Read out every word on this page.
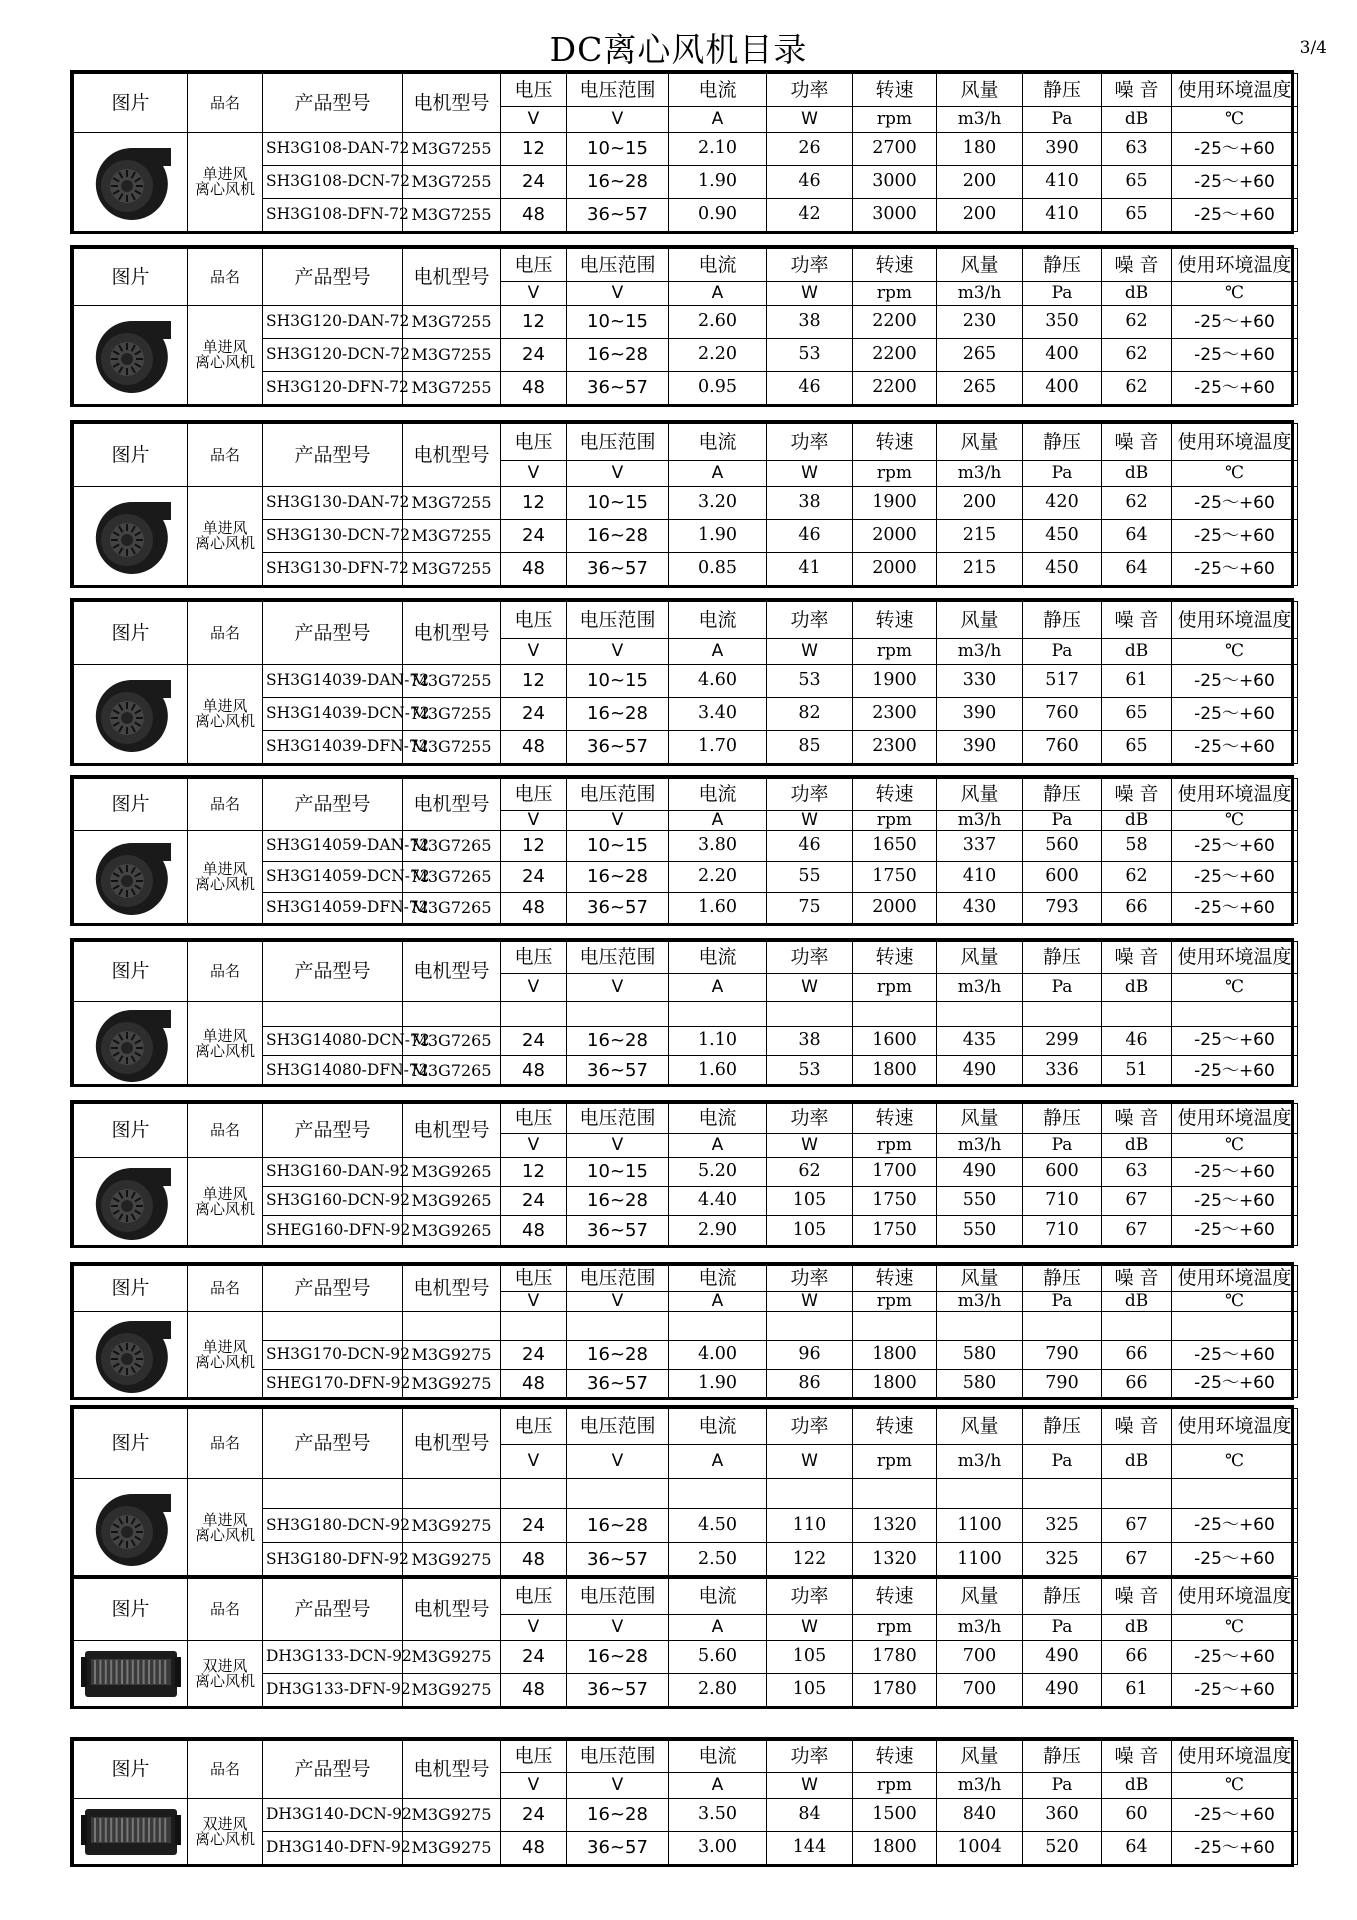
DC离心风机目录	3/4
图片	品名	产品型号	电机型号	电压	电压范围	电流	功率	转速	风量	静压	噪 音	使用环境温度
				V	V	A	W	rpm	m3/h	Pa	dB	℃

	单进风
离心风机	SH3G108-DAN-72	M3G7255	12	10~15	2.10	26	2700	180	390	63	-25～+60
		SH3G108-DCN-72	M3G7255	24	16~28	1.90	46	3000	200	410	65	-25～+60
		SH3G108-DFN-72	M3G7255	48	36~57	0.90	42	3000	200	410	65	-25～+60
图片	品名	产品型号	电机型号	电压	电压范围	电流	功率	转速	风量	静压	噪 音	使用环境温度
				V	V	A	W	rpm	m3/h	Pa	dB	℃

	单进风
离心风机	SH3G120-DAN-72	M3G7255	12	10~15	2.60	38	2200	230	350	62	-25～+60
		SH3G120-DCN-72	M3G7255	24	16~28	2.20	53	2200	265	400	62	-25～+60
		SH3G120-DFN-72	M3G7255	48	36~57	0.95	46	2200	265	400	62	-25～+60
图片	品名	产品型号	电机型号	电压	电压范围	电流	功率	转速	风量	静压	噪 音	使用环境温度
				V	V	A	W	rpm	m3/h	Pa	dB	℃

	单进风
离心风机	SH3G130-DAN-72	M3G7255	12	10~15	3.20	38	1900	200	420	62	-25～+60
		SH3G130-DCN-72	M3G7255	24	16~28	1.90	46	2000	215	450	64	-25～+60
		SH3G130-DFN-72	M3G7255	48	36~57	0.85	41	2000	215	450	64	-25～+60
图片	品名	产品型号	电机型号	电压	电压范围	电流	功率	转速	风量	静压	噪 音	使用环境温度
				V	V	A	W	rpm	m3/h	Pa	dB	℃

	单进风
离心风机	SH3G14039-DAN-72	M3G7255	12	10~15	4.60	53	1900	330	517	61	-25～+60
		SH3G14039-DCN-72	M3G7255	24	16~28	3.40	82	2300	390	760	65	-25～+60
		SH3G14039-DFN-72	M3G7255	48	36~57	1.70	85	2300	390	760	65	-25～+60
图片	品名	产品型号	电机型号	电压	电压范围	电流	功率	转速	风量	静压	噪 音	使用环境温度
				V	V	A	W	rpm	m3/h	Pa	dB	℃

	单进风
离心风机	SH3G14059-DAN-72	M3G7265	12	10~15	3.80	46	1650	337	560	58	-25～+60
		SH3G14059-DCN-72	M3G7265	24	16~28	2.20	55	1750	410	600	62	-25～+60
		SH3G14059-DFN-72	M3G7265	48	36~57	1.60	75	2000	430	793	66	-25～+60
图片	品名	产品型号	电机型号	电压	电压范围	电流	功率	转速	风量	静压	噪 音	使用环境温度
				V	V	A	W	rpm	m3/h	Pa	dB	℃

	单进风
离心风机											
		SH3G14080-DCN-72	M3G7265	24	16~28	1.10	38	1600	435	299	46	-25～+60
		SH3G14080-DFN-72	M3G7265	48	36~57	1.60	53	1800	490	336	51	-25～+60
图片	品名	产品型号	电机型号	电压	电压范围	电流	功率	转速	风量	静压	噪 音	使用环境温度
				V	V	A	W	rpm	m3/h	Pa	dB	℃

	单进风
离心风机	SH3G160-DAN-92	M3G9265	12	10~15	5.20	62	1700	490	600	63	-25～+60
		SH3G160-DCN-92	M3G9265	24	16~28	4.40	105	1750	550	710	67	-25～+60
		SHEG160-DFN-92	M3G9265	48	36~57	2.90	105	1750	550	710	67	-25～+60
图片	品名	产品型号	电机型号	电压	电压范围	电流	功率	转速	风量	静压	噪 音	使用环境温度
				V	V	A	W	rpm	m3/h	Pa	dB	℃

	单进风
离心风机											
		SH3G170-DCN-92	M3G9275	24	16~28	4.00	96	1800	580	790	66	-25～+60
		SHEG170-DFN-92	M3G9275	48	36~57	1.90	86	1800	580	790	66	-25～+60
图片	品名	产品型号	电机型号	电压	电压范围	电流	功率	转速	风量	静压	噪 音	使用环境温度
				V	V	A	W	rpm	m3/h	Pa	dB	℃

	单进风
离心风机											
		SH3G180-DCN-92	M3G9275	24	16~28	4.50	110	1320	1100	325	67	-25～+60
		SH3G180-DFN-92	M3G9275	48	36~57	2.50	122	1320	1100	325	67	-25～+60
图片	品名	产品型号	电机型号	电压	电压范围	电流	功率	转速	风量	静压	噪 音	使用环境温度
				V	V	A	W	rpm	m3/h	Pa	dB	℃

	双进风
离心风机	DH3G133-DCN-92	M3G9275	24	16~28	5.60	105	1780	700	490	66	-25～+60
		DH3G133-DFN-92	M3G9275	48	36~57	2.80	105	1780	700	490	61	-25～+60
图片	品名	产品型号	电机型号	电压	电压范围	电流	功率	转速	风量	静压	噪 音	使用环境温度
				V	V	A	W	rpm	m3/h	Pa	dB	℃

	双进风
离心风机	DH3G140-DCN-92	M3G9275	24	16~28	3.50	84	1500	840	360	60	-25～+60
		DH3G140-DFN-92	M3G9275	48	36~57	3.00	144	1800	1004	520	64	-25～+60
